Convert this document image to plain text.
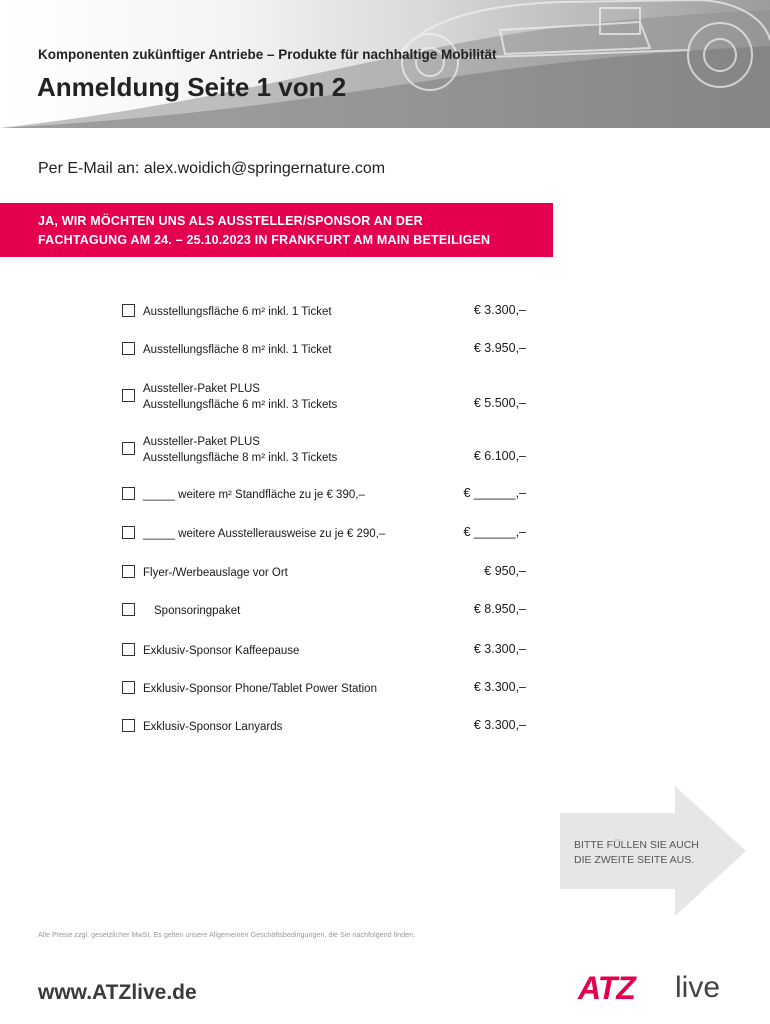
Komponenten zukünftiger Antriebe – Produkte für nachhaltige Mobilität
Anmeldung Seite 1 von 2
Per E-Mail an: alex.woidich@springernature.com
JA, WIR MÖCHTEN UNS ALS AUSSTELLER/SPONSOR AN DER
FACHTAGUNG AM 24. – 25.10.2023 IN FRANKFURT AM MAIN BETEILIGEN
Ausstellungsfläche 6 m² inkl. 1 Ticket	€ 3.300,–
Ausstellungsfläche 8 m² inkl. 1 Ticket	€ 3.950,–
Aussteller-Paket PLUS
Ausstellungsfläche 6 m² inkl. 3 Tickets	€ 5.500,–
Aussteller-Paket PLUS
Ausstellungsfläche 8 m² inkl. 3 Tickets	€ 6.100,–
_____ weitere m² Standfläche zu je € 390,–	€ ______,–
_____ weitere Ausstellerausweise zu je € 290,–	€ ______,–
Flyer-/Werbeauslage vor Ort	€ 950,–
Sponsoringpaket	€ 8.950,–
Exklusiv-Sponsor Kaffeepause	€ 3.300,–
Exklusiv-Sponsor Phone/Tablet Power Station	€ 3.300,–
Exklusiv-Sponsor Lanyards	€ 3.300,–
BITTE FÜLLEN SIE AUCH
DIE ZWEITE SEITE AUS.
Alle Preise zzgl. gesetzlicher MwSt. Es gelten unsere Allgemeinen Geschäftsbedingungen, die Sie nachfolgend finden.
www.ATZlive.de	ATZ live
